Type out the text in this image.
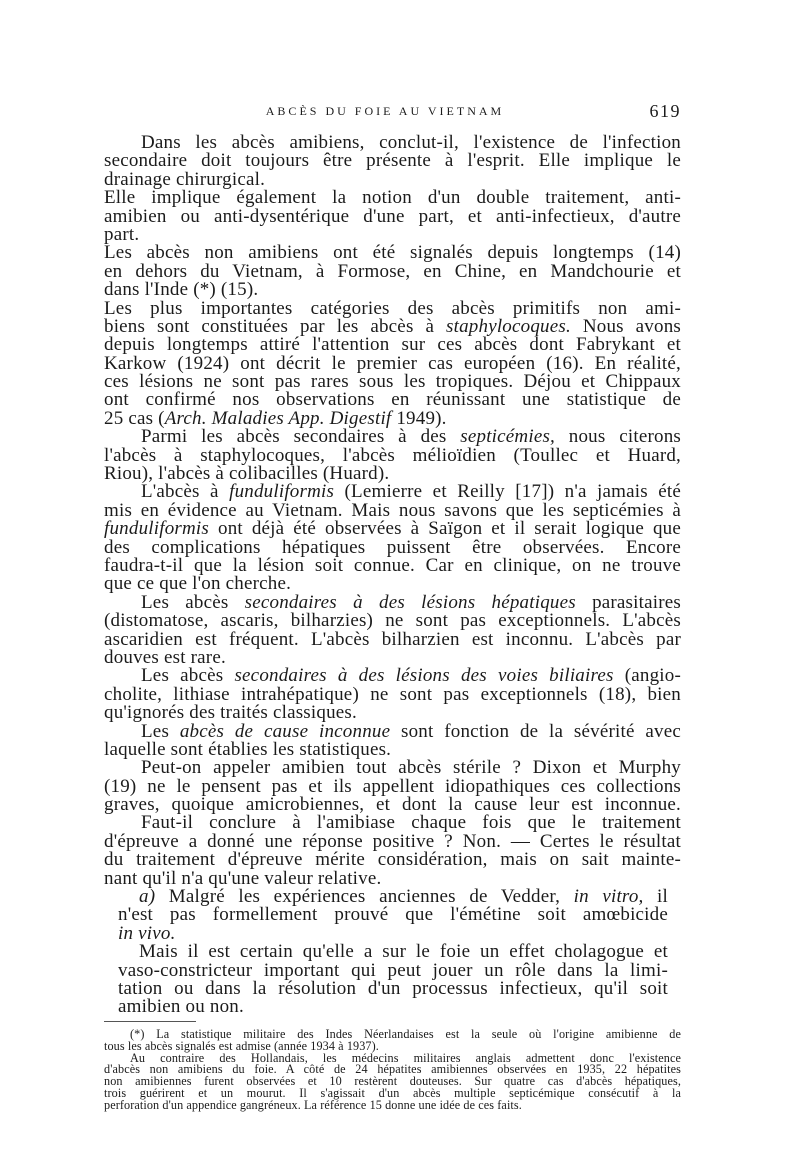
ABCÈS DU FOIE AU VIETNAM	619
Dans les abcès amibiens, conclut-il, l'existence de l'infection
secondaire doit toujours être présente à l'esprit. Elle implique le
drainage chirurgical.
Elle implique également la notion d'un double traitement, anti-
amibien ou anti-dysentérique d'une part, et anti-infectieux, d'autre
part.
Les abcès non amibiens ont été signalés depuis longtemps (14)
en dehors du Vietnam, à Formose, en Chine, en Mandchourie et
dans l'Inde (*) (15).
Les plus importantes catégories des abcès primitifs non ami-
biens sont constituées par les abcès à staphylocoques. Nous avons
depuis longtemps attiré l'attention sur ces abcès dont Fabrykant et
Karkow (1924) ont décrit le premier cas européen (16). En réalité,
ces lésions ne sont pas rares sous les tropiques. Déjou et Chippaux
ont confirmé nos observations en réunissant une statistique de
25 cas (Arch. Maladies App. Digestif 1949).
Parmi les abcès secondaires à des septicémies, nous citerons
l'abcès à staphylocoques, l'abcès mélioïdien (Toullec et Huard,
Riou), l'abcès à colibacilles (Huard).
L'abcès à funduliformis (Lemierre et Reilly [17]) n'a jamais été
mis en évidence au Vietnam. Mais nous savons que les septicémies à
funduliformis ont déjà été observées à Saïgon et il serait logique que
des complications hépatiques puissent être observées. Encore
faudra-t-il que la lésion soit connue. Car en clinique, on ne trouve
que ce que l'on cherche.
Les abcès secondaires à des lésions hépatiques parasitaires
(distomatose, ascaris, bilharzies) ne sont pas exceptionnels. L'abcès
ascaridien est fréquent. L'abcès bilharzien est inconnu. L'abcès par
douves est rare.
Les abcès secondaires à des lésions des voies biliaires (angio-
cholite, lithiase intrahépatique) ne sont pas exceptionnels (18), bien
qu'ignorés des traités classiques.
Les abcès de cause inconnue sont fonction de la sévérité avec
laquelle sont établies les statistiques.
Peut-on appeler amibien tout abcès stérile ? Dixon et Murphy
(19) ne le pensent pas et ils appellent idiopathiques ces collections
graves, quoique amicrobiennes, et dont la cause leur est inconnue.
Faut-il conclure à l'amibiase chaque fois que le traitement
d'épreuve a donné une réponse positive ? Non. — Certes le résultat
du traitement d'épreuve mérite considération, mais on sait mainte-
nant qu'il n'a qu'une valeur relative.
a) Malgré les expériences anciennes de Vedder, in vitro, il
n'est pas formellement prouvé que l'émétine soit amœbicide
in vivo.
Mais il est certain qu'elle a sur le foie un effet cholagogue et
vaso-constricteur important qui peut jouer un rôle dans la limi-
tation ou dans la résolution d'un processus infectieux, qu'il soit
amibien ou non.
(*) La statistique militaire des Indes Néerlandaises est la seule où l'origine amibienne de
tous les abcès signalés est admise (année 1934 à 1937).
Au contraire des Hollandais, les médecins militaires anglais admettent donc l'existence
d'abcès non amibiens du foie. A côté de 24 hépatites amibiennes observées en 1935, 22 hépatites
non amibiennes furent observées et 10 restèrent douteuses. Sur quatre cas d'abcès hépatiques,
trois guérirent et un mourut. Il s'agissait d'un abcès multiple septicémique consécutif à la
perforation d'un appendice gangréneux. La référence 15 donne une idée de ces faits.
